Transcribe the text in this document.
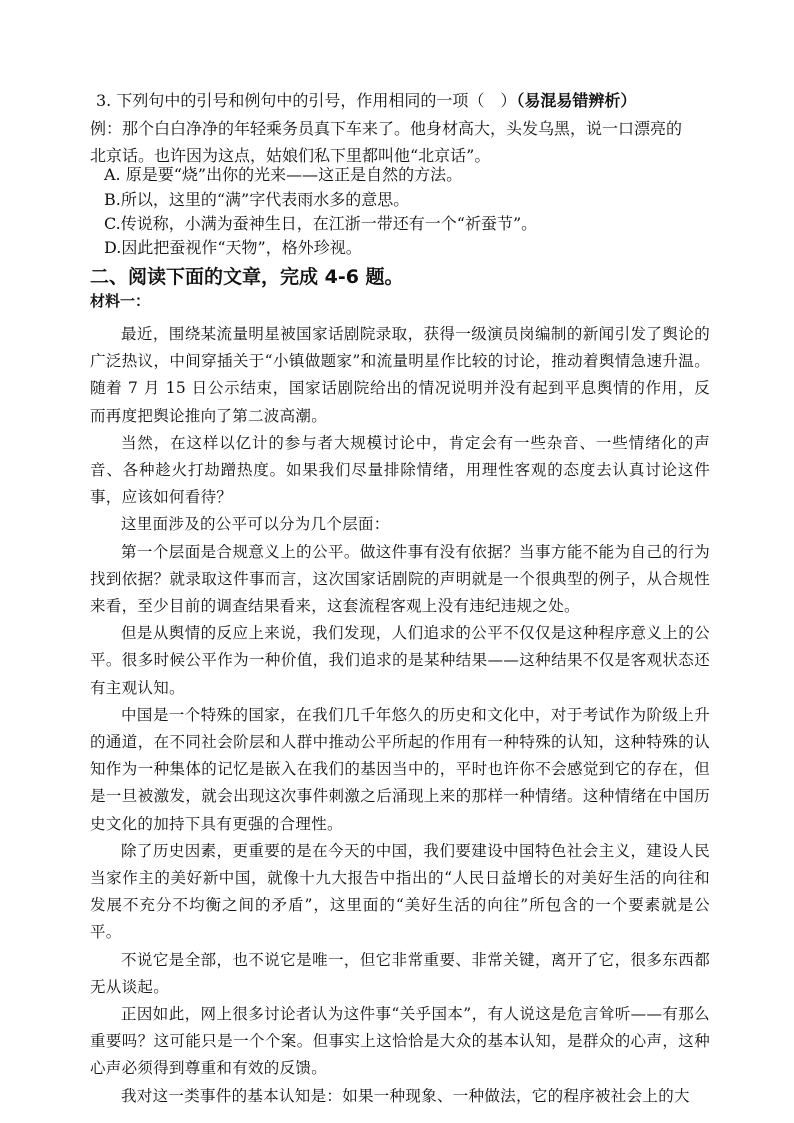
3. 下列句中的引号和例句中的引号，作用相同的一项（　）（易混易错辨析）
例：那个白白净净的年轻乘务员真下车来了。他身材高大，头发乌黑，说一口漂亮的
北京话。也许因为这点，姑娘们私下里都叫他“北京话”。
A. 原是要“烧”出你的光来——这正是自然的方法。
B.所以，这里的“满”字代表雨水多的意思。
C.传说称，小满为蚕神生日，在江浙一带还有一个“祈蚕节”。
D.因此把蚕视作“天物”，格外珍视。
二、阅读下面的文章，完成 4-6 题。
材料一：

最近，围绕某流量明星被国家话剧院录取，获得一级演员岗编制的新闻引发了舆论的广泛热议，中间穿插关于“小镇做题家”和流量明星作比较的讨论，推动着舆情急速升温。随着 7 月 15 日公示结束，国家话剧院给出的情况说明并没有起到平息舆情的作用，反而再度把舆论推向了第二波高潮。

当然，在这样以亿计的参与者大规模讨论中，肯定会有一些杂音、一些情绪化的声音、各种趁火打劫蹭热度。如果我们尽量排除情绪，用理性客观的态度去认真讨论这件事，应该如何看待？

这里面涉及的公平可以分为几个层面：

第一个层面是合规意义上的公平。做这件事有没有依据？当事方能不能为自己的行为找到依据？就录取这件事而言，这次国家话剧院的声明就是一个很典型的例子，从合规性来看，至少目前的调查结果看来，这套流程客观上没有违纪违规之处。

但是从舆情的反应上来说，我们发现，人们追求的公平不仅仅是这种程序意义上的公平。很多时候公平作为一种价值，我们追求的是某种结果——这种结果不仅是客观状态还有主观认知。

中国是一个特殊的国家，在我们几千年悠久的历史和文化中，对于考试作为阶级上升的通道，在不同社会阶层和人群中推动公平所起的作用有一种特殊的认知，这种特殊的认知作为一种集体的记忆是嵌入在我们的基因当中的，平时也许你不会感觉到它的存在，但是一旦被激发，就会出现这次事件刺激之后涌现上来的那样一种情绪。这种情绪在中国历史文化的加持下具有更强的合理性。

除了历史因素，更重要的是在今天的中国，我们要建设中国特色社会主义，建设人民当家作主的美好新中国，就像十九大报告中指出的“人民日益增长的对美好生活的向往和发展不充分不均衡之间的矛盾”，这里面的“美好生活的向往”所包含的一个要素就是公平。

不说它是全部，也不说它是唯一，但它非常重要、非常关键，离开了它，很多东西都无从谈起。

正因如此，网上很多讨论者认为这件事“关乎国本”，有人说这是危言耸听——有那么重要吗？这可能只是一个个案。但事实上这恰恰是大众的基本认知，是群众的心声，这种心声必须得到尊重和有效的反馈。

我对这一类事件的基本认知是：如果一种现象、一种做法，它的程序被社会上的大
